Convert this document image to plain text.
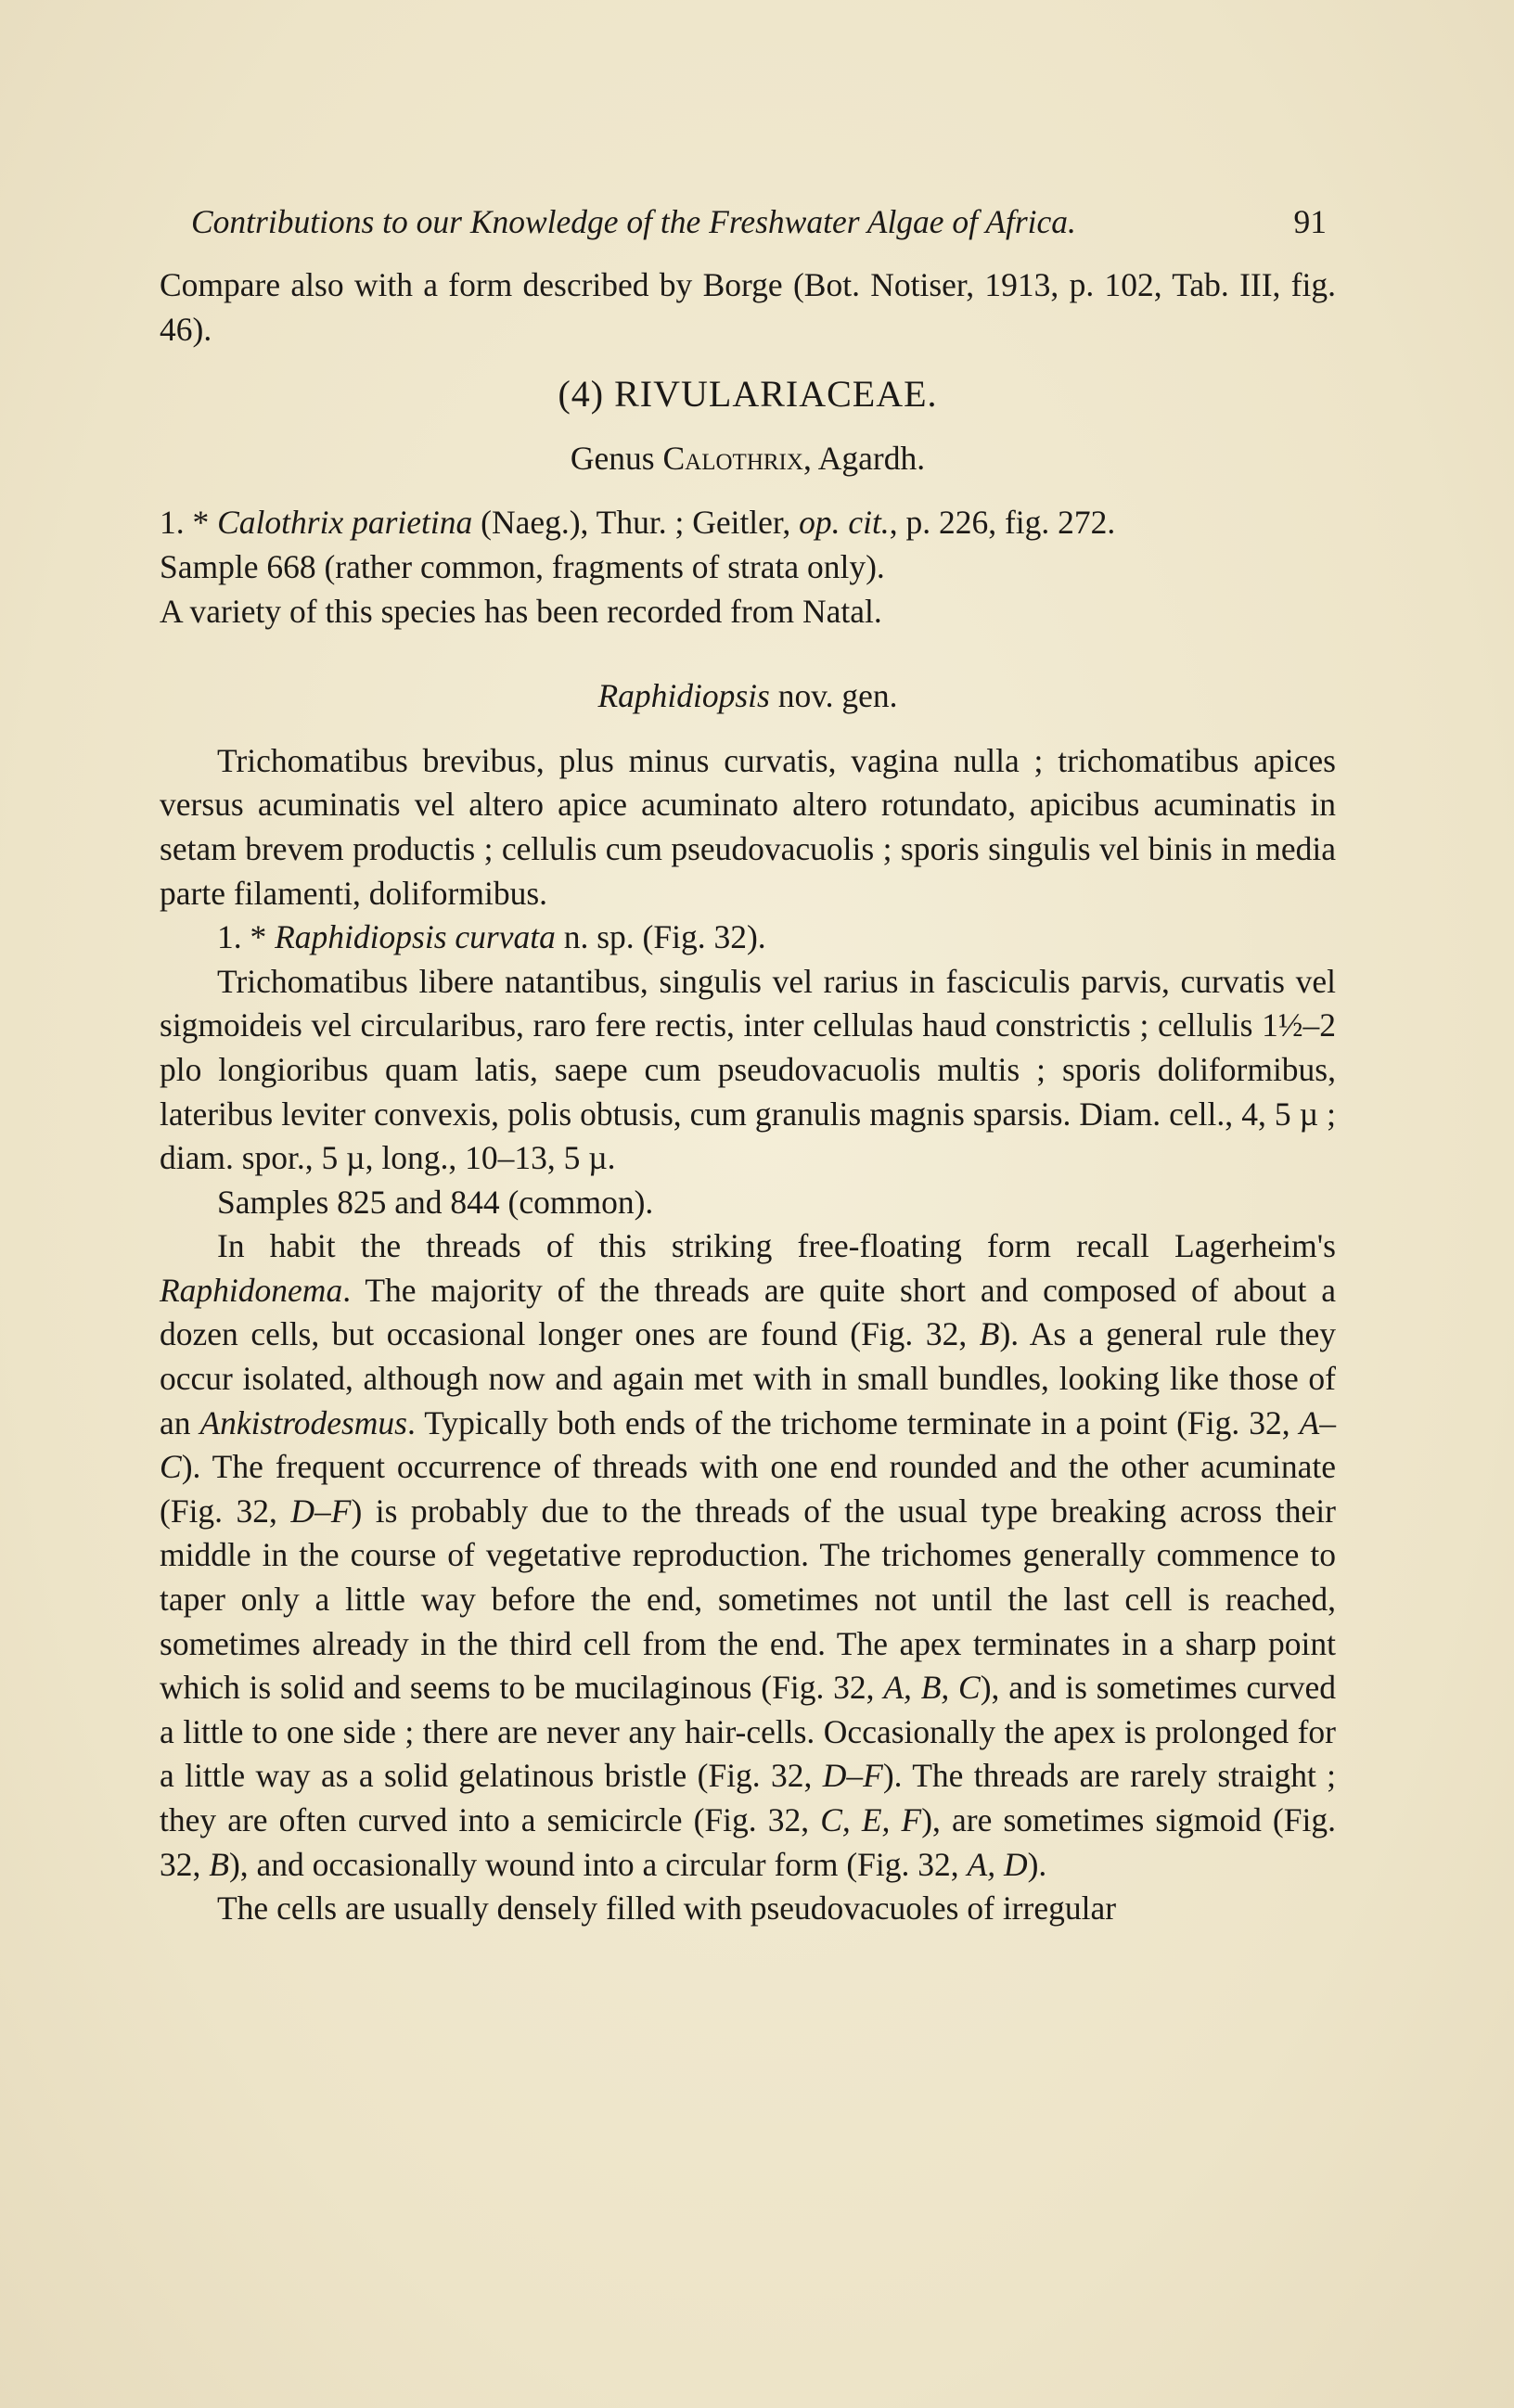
Contributions to our Knowledge of the Freshwater Algae of Africa.	91

Compare also with a form described by Borge (Bot. Notiser, 1913, p. 102, Tab. III, fig. 46).

(4) RIVULARIACEAE.

Genus Calothrix, Agardh.

1. * Calothrix parietina (Naeg.), Thur. ; Geitler, op. cit., p. 226, fig. 272.

Sample 668 (rather common, fragments of strata only).

A variety of this species has been recorded from Natal.

Raphidiopsis nov. gen.

Trichomatibus brevibus, plus minus curvatis, vagina nulla ; trichomatibus apices versus acuminatis vel altero apice acuminato altero rotundato, apicibus acuminatis in setam brevem productis ; cellulis cum pseudovacuolis ; sporis singulis vel binis in media parte filamenti, doliformibus.

1. * Raphidiopsis curvata n. sp. (Fig. 32).

Trichomatibus libere natantibus, singulis vel rarius in fasciculis parvis, curvatis vel sigmoideis vel circularibus, raro fere rectis, inter cellulas haud constrictis ; cellulis 1½–2 plo longioribus quam latis, saepe cum pseudovacuolis multis ; sporis doliformibus, lateribus leviter convexis, polis obtusis, cum granulis magnis sparsis. Diam. cell., 4, 5 µ ; diam. spor., 5 µ, long., 10–13, 5 µ.

Samples 825 and 844 (common).

In habit the threads of this striking free-floating form recall Lagerheim's Raphidonema. The majority of the threads are quite short and composed of about a dozen cells, but occasional longer ones are found (Fig. 32, B). As a general rule they occur isolated, although now and again met with in small bundles, looking like those of an Ankistrodesmus. Typically both ends of the trichome terminate in a point (Fig. 32, A–C). The frequent occurrence of threads with one end rounded and the other acuminate (Fig. 32, D–F) is probably due to the threads of the usual type breaking across their middle in the course of vegetative reproduction. The trichomes generally commence to taper only a little way before the end, sometimes not until the last cell is reached, sometimes already in the third cell from the end. The apex terminates in a sharp point which is solid and seems to be mucilaginous (Fig. 32, A, B, C), and is sometimes curved a little to one side ; there are never any hair-cells. Occasionally the apex is prolonged for a little way as a solid gelatinous bristle (Fig. 32, D–F). The threads are rarely straight ; they are often curved into a semicircle (Fig. 32, C, E, F), are sometimes sigmoid (Fig. 32, B), and occasionally wound into a circular form (Fig. 32, A, D).

The cells are usually densely filled with pseudovacuoles of irregular
